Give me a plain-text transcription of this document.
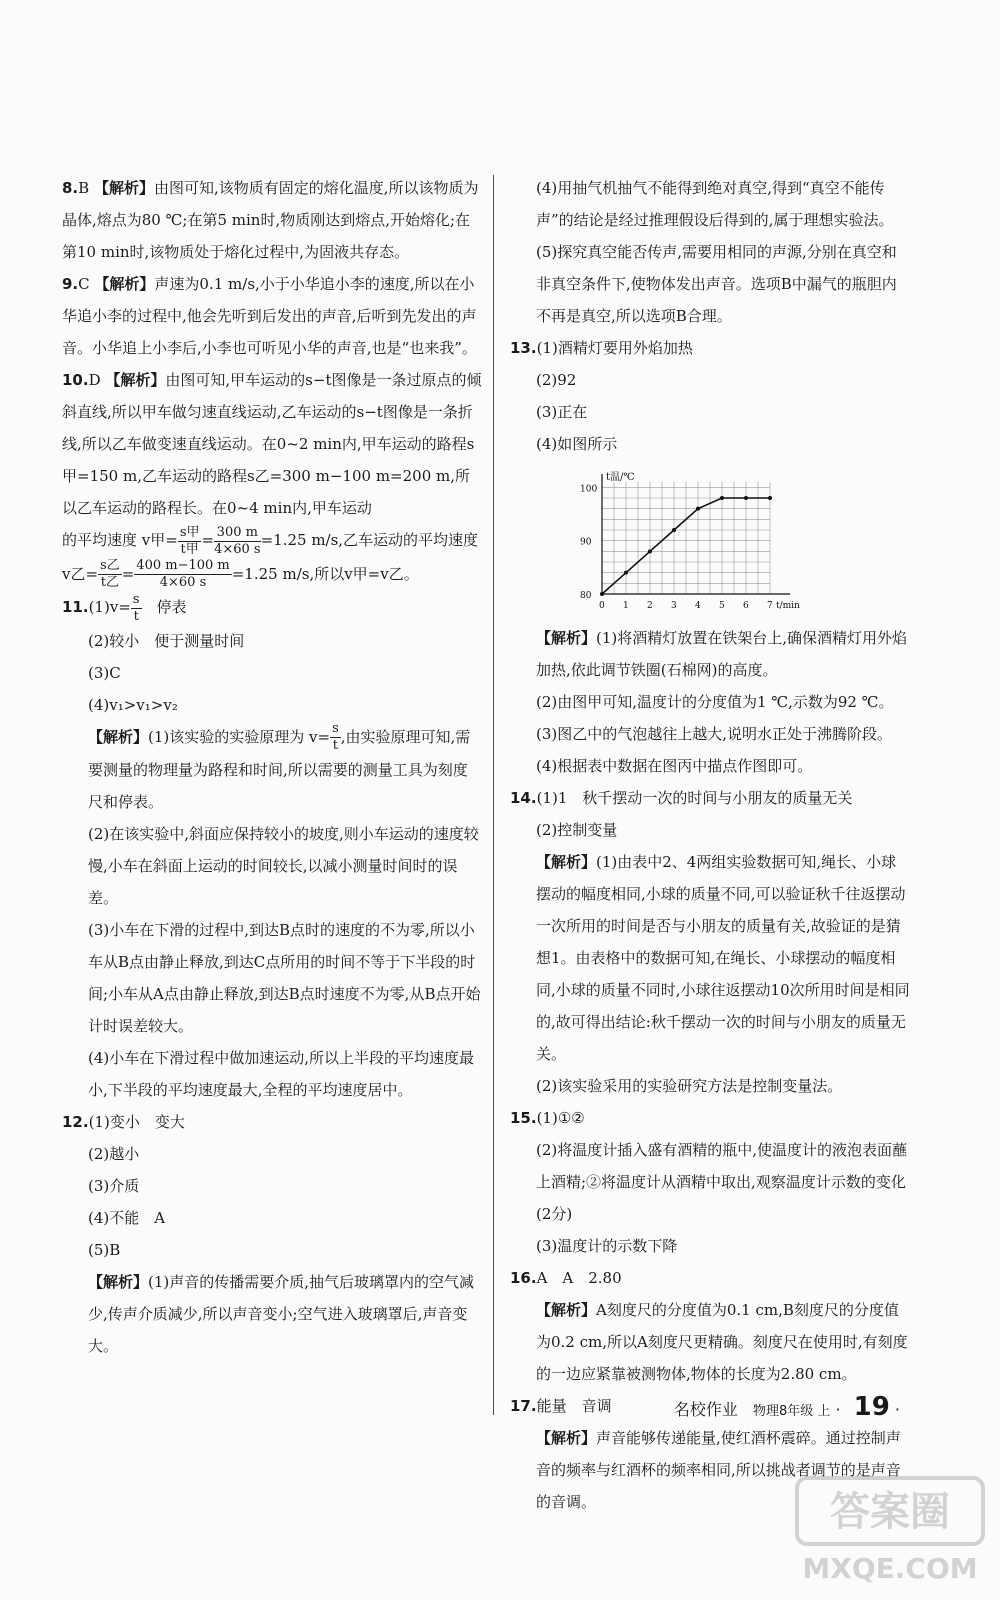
8.B 【解析】由图可知,该物质有固定的熔化温度,所以该物质为晶体,熔点为80 ℃;在第5 min时,物质刚达到熔点,开始熔化;在第10 min时,该物质处于熔化过程中,为固液共存态。

9.C 【解析】声速为0.1 m/s,小于小华追小李的速度,所以在小华追小李的过程中,他会先听到后发出的声音,后听到先发出的声音。小华追上小李后,小李也可听见小华的声音,也是“也来我”。

10.D 【解析】由图可知,甲车运动的s−t图像是一条过原点的倾斜直线,所以甲车做匀速直线运动,乙车运动的s−t图像是一条折线,所以乙车做变速直线运动。在0~2 min内,甲车运动的路程s甲=150 m,乙车运动的路程s乙=300 m−100 m=200 m,所以乙车运动的路程长。在0~4 min内,甲车运动
的平均速度 v甲= $\frac{\text{s甲}}{\text{t甲}} = \frac{300 m}{4\times 60 s} =1.25$ m/s,乙车运动的平均速度
v乙= $\frac{\text{s乙}}{\text{t乙}} = \frac{400 m-100 m}{4\times 60 s} =1.25$ m/s,所以v甲=v乙。

$11.(1)v= \frac{s}{t}$ 　停表

(2)较小　便于测量时间

(3)C

(4)v₁>v₁>v₂

【解析】(1)该实验的实验原理为 $v= \frac{s}{t}$ ,由实验原理可知,需要测量的物理量为路程和时间,所以需要的测量工具为刻度尺和停表。

(2)在该实验中,斜面应保持较小的坡度,则小车运动的速度较慢,小车在斜面上运动的时间较长,以减小测量时间时的误差。

(3)小车在下滑的过程中,到达B点时的速度的不为零,所以小车从B点由静止释放,到达C点所用的时间不等于下半段的时间;小车从A点由静止释放,到达B点时速度不为零,从B点开始计时误差较大。

(4)小车在下滑过程中做加速运动,所以上半段的平均速度最小,下半段的平均速度最大,全程的平均速度居中。

12.(1)变小　变大

(2)越小

(3)介质

(4)不能　A

(5)B

【解析】(1)声音的传播需要介质,抽气后玻璃罩内的空气减少,传声介质减少,所以声音变小;空气进入玻璃罩后,声音变大。

(4)用抽气机抽气不能得到绝对真空,得到“真空不能传声”的结论是经过推理假设后得到的,属于理想实验法。

(5)探究真空能否传声,需要用相同的声源,分别在真空和非真空条件下,使物体发出声音。选项B中漏气的瓶胆内不再是真空,所以选项B合理。

13.(1)酒精灯要用外焰加热

(2)92

(3)正在

(4)如图所示

t温/℃
t/min
0 1 2 3 4 5 6 7
80
90
100

【解析】(1)将酒精灯放置在铁架台上,确保酒精灯用外焰加热,依此调节铁圈(石棉网)的高度。

(2)由图甲可知,温度计的分度值为1 ℃,示数为92 ℃。

(3)图乙中的气泡越往上越大,说明水正处于沸腾阶段。

(4)根据表中数据在图丙中描点作图即可。

14.(1)1　秋千摆动一次的时间与小朋友的质量无关

(2)控制变量

【解析】(1)由表中2、4两组实验数据可知,绳长、小球摆动的幅度相同,小球的质量不同,可以验证秋千往返摆动一次所用的时间是否与小朋友的质量有关,故验证的是猜想1。由表格中的数据可知,在绳长、小球摆动的幅度相同,小球的质量不同时,小球往返摆动10次所用时间是相同的,故可得出结论:秋千摆动一次的时间与小朋友的质量无关。

(2)该实验采用的实验研究方法是控制变量法。

15.(1)①②

(2)将温度计插入盛有酒精的瓶中,使温度计的液泡表面蘸上酒精;②将温度计从酒精中取出,观察温度计示数的变化(2分)

(3)温度计的示数下降

16.A　A　2.80

【解析】A刻度尺的分度值为0.1 cm,B刻度尺的分度值为0.2 cm,所以A刻度尺更精确。刻度尺在使用时,有刻度的一边应紧靠被测物体,物体的长度为2.80 cm。

17.能量　音调

【解析】声音能够传递能量,使红酒杯震碎。通过控制声音的频率与红酒杯的频率相同,所以挑战者调节的是声音的音调。

名校作业 物理8年级 上 · 19 ·
答案圈
MXQE.COM
